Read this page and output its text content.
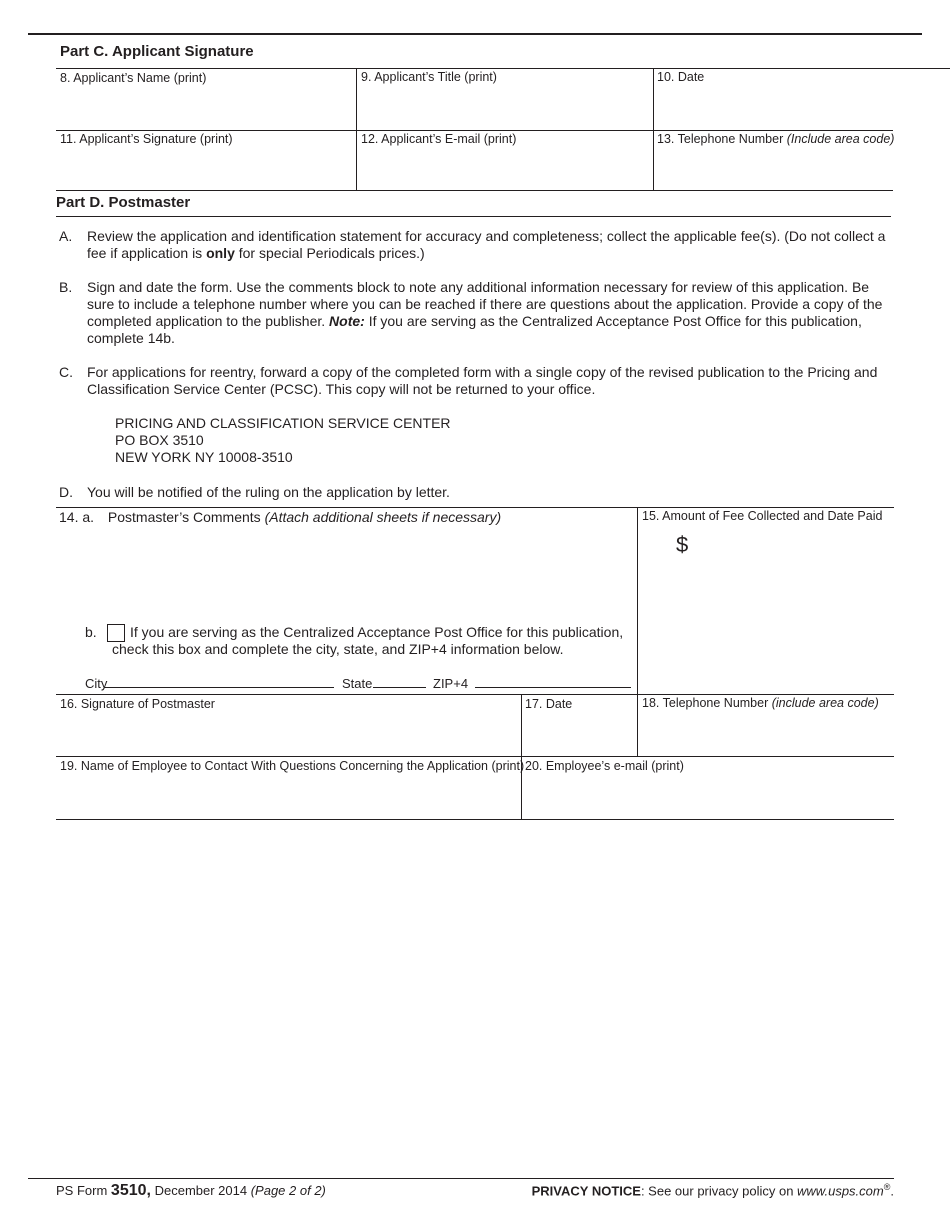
Part C. Applicant Signature
8. Applicant’s Name (print)	9. Applicant’s Title (print)	10. Date
11. Applicant’s Signature (print)	12. Applicant’s E-mail (print)	13. Telephone Number (Include area code)
Part D. Postmaster
A. Review the application and identification statement for accuracy and completeness; collect the applicable fee(s). (Do not collect a fee if application is only for special Periodicals prices.)
B. Sign and date the form. Use the comments block to note any additional information necessary for review of this application. Be sure to include a telephone number where you can be reached if there are questions about the application. Provide a copy of the completed application to the publisher. Note: If you are serving as the Centralized Acceptance Post Office for this publication, complete 14b.
C. For applications for reentry, forward a copy of the completed form with a single copy of the revised publication to the Pricing and Classification Service Center (PCSC). This copy will not be returned to your office.
PRICING AND CLASSIFICATION SERVICE CENTER
PO BOX 3510
NEW YORK NY 10008-3510
D. You will be notified of the ruling on the application by letter.
14. a. Postmaster’s Comments (Attach additional sheets if necessary)
b.	If you are serving as the Centralized Acceptance Post Office for this publication, check this box and complete the city, state, and ZIP+4 information below.
City	State	ZIP+4
15. Amount of Fee Collected and Date Paid
$
16. Signature of Postmaster	17. Date	18. Telephone Number (include area code)
19. Name of Employee to Contact With Questions Concerning the Application (print) 20. Employee’s e-mail (print)
PS Form 3510, December 2014 (Page 2 of 2)	PRIVACY NOTICE: See our privacy policy on www.usps.com®.
